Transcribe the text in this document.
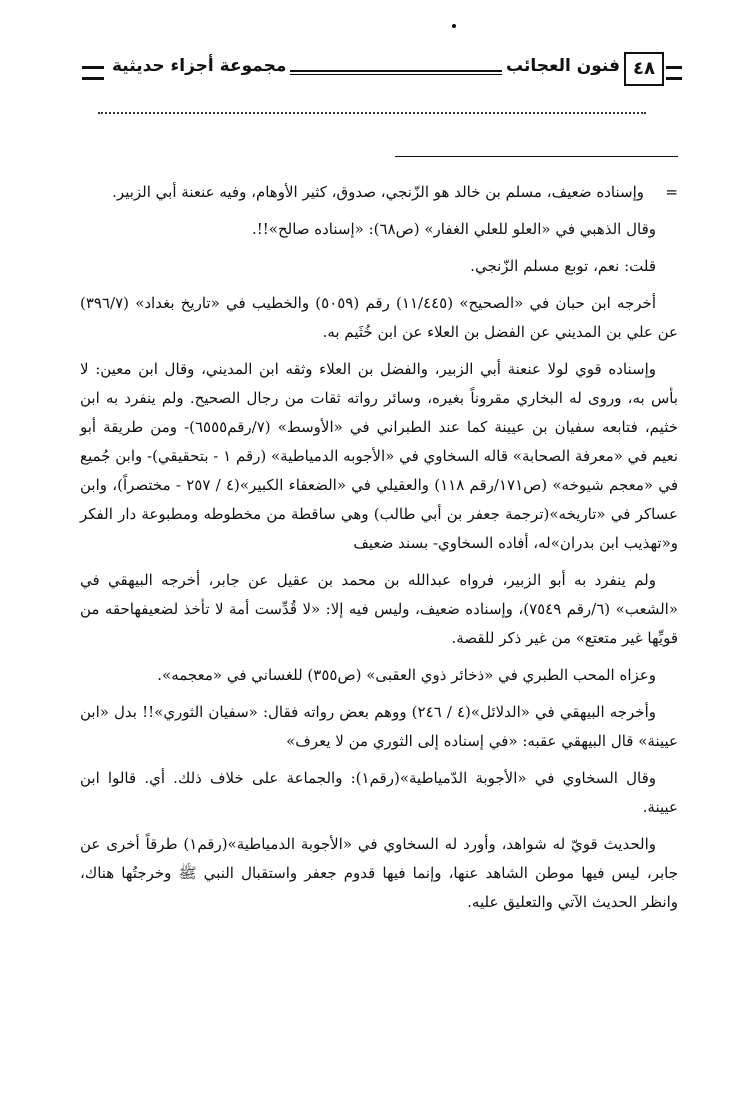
٤٨
فنون العجائب
مجموعة أجزاء حديثية

=
وإسناده ضعيف، مسلم بن خالد هو الزّنجي، صدوق، كثير الأوهام، وفيه عنعنة أبي الزبير.

وقال الذهبي في «العلو للعلي الغفار» (ص٦٨): «إسناده صالح»!!.

قلت: نعم، توبع مسلم الزّنجي.

أخرجه ابن حبان في «الصحيح» (١١/٤٤٥) رقم (٥٠٥٩) والخطيب في «تاريخ بغداد» (٣٩٦/٧) عن علي بن المديني عن الفضل بن العلاء عن ابن خُثَيم به.

وإسناده قوي لولا عنعنة أبي الزبير، والفضل بن العلاء وثقه ابن المديني، وقال ابن معين: لا بأس به، وروى له البخاري مقروناً بغيره، وسائر رواته ثقات من رجال الصحيح. ولم ينفرد به ابن خثيم، فتابعه سفيان بن عيينة كما عند الطبراني في «الأوسط» (٧/رقم٦٥٥٥)- ومن طريقة أبو نعيم في «معرفة الصحابة» قاله السخاوي في «الأجوبه الدمياطية» (رقم ١ - بتحقيقي)- وابن جُميع في «معجم شيوخه» (ص١٧١/رقم ١١٨) والعقيلي في «الضعفاء الكبير»(٤ / ٢٥٧ - مختصراً)، وابن عساكر في «تاريخه»(ترجمة جعفر بن أبي طالب) وهي ساقطة من مخطوطه ومطبوعة دار الفكر و«تهذيب ابن بدران»له، أفاده السخاوي- بسند ضعيف

ولم ينفرد به أبو الزبير، فرواه عبدالله بن محمد بن عقيل عن جابر، أخرجه البيهقي في «الشعب» (٦/رقم ٧٥٤٩)، وإسناده ضعيف، وليس فيه إلا: «لا قُدِّست أمة لا تأخذ لضعيفهاحقه من قويِّها غير متعتع» من غير ذكر للقصة.

وعزاه المحب الطبري في «ذخائر ذوي العقبى» (ص٣٥٥) للغساني في «معجمه».

وأخرجه البيهقي في «الدلائل»(٤ / ٢٤٦) ووهم بعض رواته فقال: «سفيان الثوري»!! بدل «ابن عيينة» قال البيهقي عقبه: «في إسناده إلى الثوري من لا يعرف»

وقال السخاوي في «الأجوبة الدّمياطية»(رقم١): والجماعة على خلاف ذلك. أي. قالوا ابن عيينة.

والحديث قويّ له شواهد، وأورد له السخاوي في «الأجوبة الدمياطية»(رقم١) طرقاً أخرى عن جابر، ليس فيها موطن الشاهد عنها، وإنما فيها قدوم جعفر واستقبال النبي ﷺ وخرجتُها هناك، وانظر الحديث الآتي والتعليق عليه.
